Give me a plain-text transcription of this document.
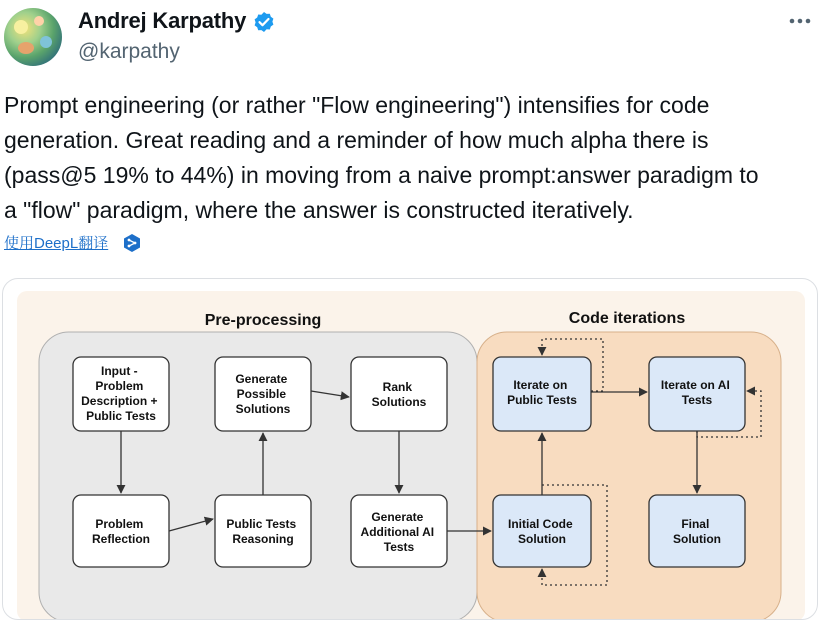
Andrej Karpathy
@karpathy

Prompt engineering (or rather "Flow engineering") intensifies for code

generation. Great reading and a reminder of how much alpha there is

(pass@5 19% to 44%) in moving from a naive prompt:answer paradigm to

a "flow" paradigm, where the answer is constructed iteratively.

使用DeepL翻译
Pre-processing	Code iterations
Input - Problem Description + Public Tests
Problem Reflection
Generate Possible Solutions
Public Tests Reasoning
Rank Solutions
Generate Additional AI Tests
Iterate on Public Tests
Iterate on AI Tests
Initial Code Solution
Final Solution
